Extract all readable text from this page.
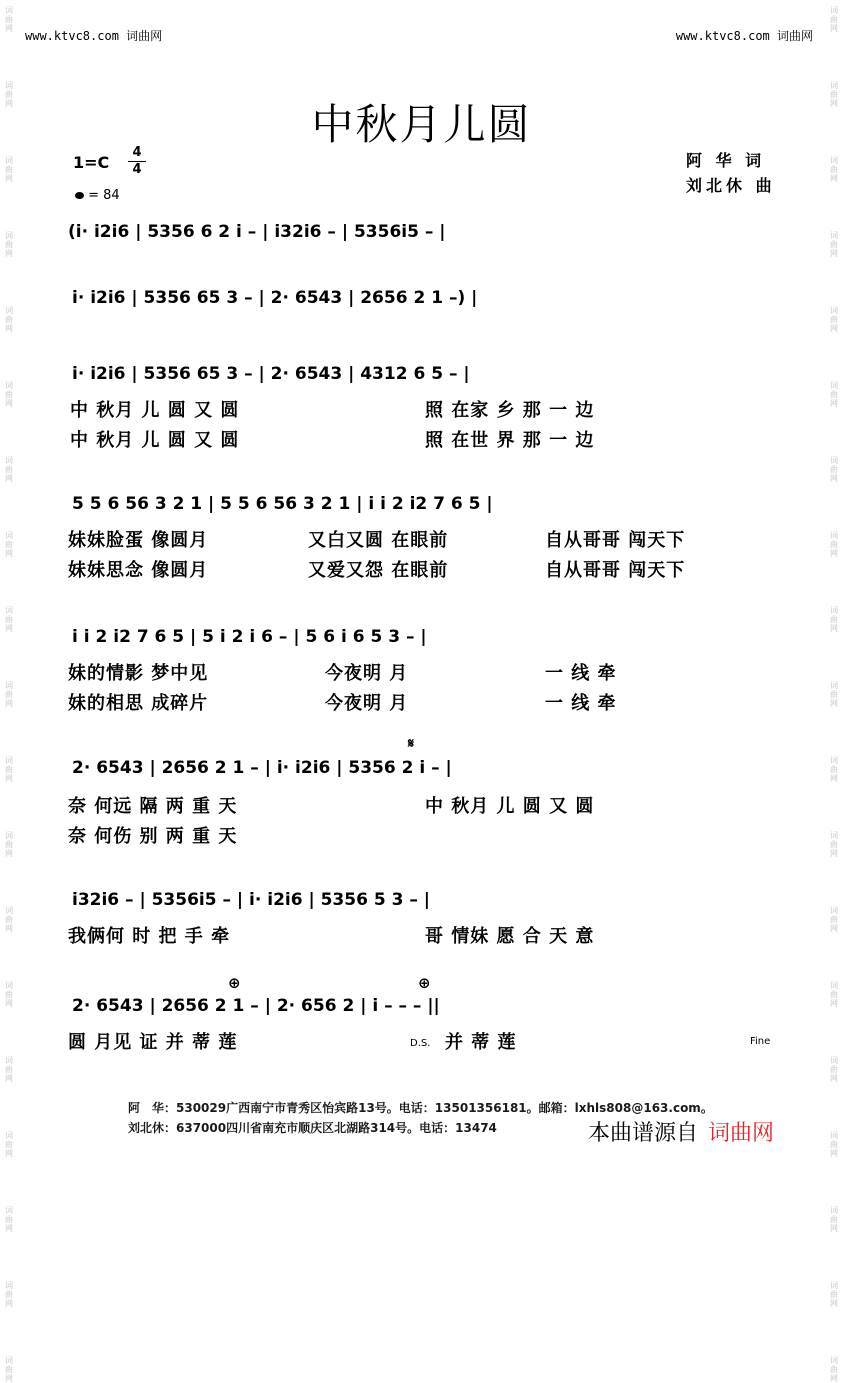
www.ktvc8.com 词曲网	www.ktvc8.com 词曲网
词
曲
网
词
曲
网
词
曲
网
词
曲
网
词
曲
网
词
曲
网
词
曲
网
词
曲
网
词
曲
网
词
曲
网
词
曲
网
词
曲
网
词
曲
网
词
曲
网
词
曲
网
词
曲
网
词
曲
网
词
曲
网
词
曲
网
词
曲
网
词
曲
网
词
曲
网
词
曲
网
词
曲
网
词
曲
网
词
曲
网
词
曲
网
词
曲
网
词
曲
网
词
曲
网
词
曲
网
词
曲
网
词
曲
网
词
曲
网
词
曲
网
词
曲
网
词
曲
网
词
曲
网
中秋月儿圆
1=C
4
4
= 84
阿 华 词
刘北休 曲
(i· i2i6 | 5356 6 2 i – | i32i6 – | 5356i5 – |
i· i2i6 | 5356 65 3 – | 2· 6543 | 2656 2 1 –) |
i· i2i6 | 5356 65 3 – | 2· 6543 | 4312 6 5 – |
中 秋月 儿 圆 又 圆	照 在家 乡 那 一 边
中 秋月 儿 圆 又 圆	照 在世 界 那 一 边
5 5 6 56 3 2 1 | 5 5 6 56 3 2 1 | i i 2 i2 7 6 5 |
妹妹脸蛋 像圆月	又白又圆 在眼前	自从哥哥 闯天下
妹妹思念 像圆月	又爱又怨 在眼前	自从哥哥 闯天下
i i 2 i2 7 6 5 | 5 i 2 i 6 – | 5 6 i 6 5 3 – |
妹的情影 梦中见	今夜明 月	一 线 牵
妹的相思 成碎片	今夜明 月	一 线 牵
𝄋
2· 6543 | 2656 2 1 – | i· i2i6 | 5356 2 i – |
奈 何远 隔 两 重 天	中 秋月 儿 圆 又 圆
奈 何伤 别 两 重 天
i32i6 – | 5356i5 – | i· i2i6 | 5356 5 3 – |
我俩何 时 把 手 牵	哥 情妹 愿 合 天 意
⊕	⊕
2· 6543 | 2656 2 1 – | 2· 656 2 | i – – – ||
圆 月见 证 并 蒂 莲	D.S. 并 蒂 莲	Fine
阿　华：530029广西南宁市青秀区怡宾路13号。电话：13501356181。邮箱：lxhls808@163.com。
刘北休：637000四川省南充市顺庆区北湖路314号。电话：13474	本曲谱源自 词曲网
